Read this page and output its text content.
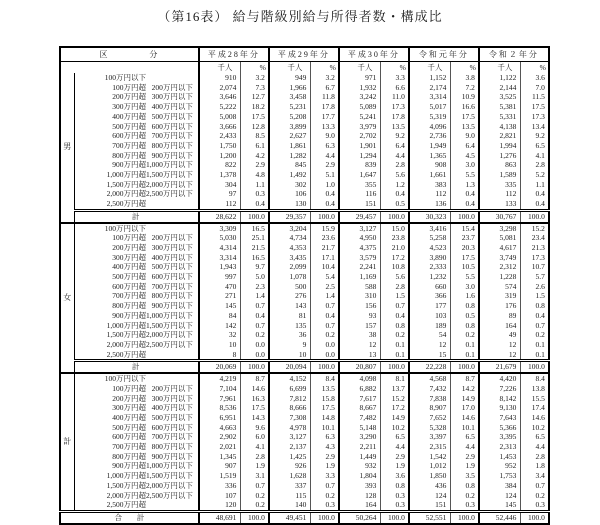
（第16表） 給与階級別給与所得者数・構成比
区　　　　分			平成28年分		平成29年分		平成30年分		令和元年分		令和２年分	
			千人	%	千人	%	千人	%	千人	%	千人	%
男	100万円以下		910	3.2	949	3.2	971	3.3	1,152	3.8	1,122	3.6
	100万円超	200万円以下	2,074	7.3	1,966	6.7	1,932	6.6	2,174	7.2	2,144	7.0
	200万円超	300万円以下	3,646	12.7	3,458	11.8	3,242	11.0	3,314	10.9	3,525	11.5
	300万円超	400万円以下	5,222	18.2	5,231	17.8	5,089	17.3	5,017	16.6	5,381	17.5
	400万円超	500万円以下	5,008	17.5	5,208	17.7	5,241	17.8	5,319	17.5	5,331	17.3
	500万円超	600万円以下	3,666	12.8	3,899	13.3	3,979	13.5	4,096	13.5	4,138	13.4
	600万円超	700万円以下	2,433	8.5	2,627	9.0	2,702	9.2	2,736	9.0	2,821	9.2
	700万円超	800万円以下	1,750	6.1	1,861	6.3	1,901	6.4	1,949	6.4	1,994	6.5
	800万円超	900万円以下	1,200	4.2	1,282	4.4	1,294	4.4	1,365	4.5	1,276	4.1
	900万円超	1,000万円以下	822	2.9	845	2.9	839	2.8	908	3.0	863	2.8
	1,000万円超	1,500万円以下	1,378	4.8	1,492	5.1	1,647	5.6	1,661	5.5	1,589	5.2
	1,500万円超	2,000万円以下	304	1.1	302	1.0	355	1.2	383	1.3	335	1.1
	2,000万円超	2,500万円以下	97	0.3	106	0.4	116	0.4	112	0.4	112	0.4
	2,500万円超		112	0.4	130	0.4	151	0.5	136	0.4	133	0.4
	計		28,622	100.0	29,357	100.0	29,457	100.0	30,323	100.0	30,767	100.0
女	100万円以下		3,309	16.5	3,204	15.9	3,127	15.0	3,416	15.4	3,298	15.2
	100万円超	200万円以下	5,030	25.1	4,734	23.6	4,950	23.8	5,258	23.7	5,081	23.4
	200万円超	300万円以下	4,314	21.5	4,353	21.7	4,375	21.0	4,523	20.3	4,617	21.3
	300万円超	400万円以下	3,314	16.5	3,435	17.1	3,579	17.2	3,890	17.5	3,749	17.3
	400万円超	500万円以下	1,943	9.7	2,099	10.4	2,241	10.8	2,333	10.5	2,312	10.7
	500万円超	600万円以下	997	5.0	1,078	5.4	1,169	5.6	1,232	5.5	1,228	5.7
	600万円超	700万円以下	470	2.3	500	2.5	588	2.8	660	3.0	574	2.6
	700万円超	800万円以下	271	1.4	276	1.4	310	1.5	366	1.6	319	1.5
	800万円超	900万円以下	145	0.7	143	0.7	156	0.7	177	0.8	176	0.8
	900万円超	1,000万円以下	84	0.4	81	0.4	93	0.4	103	0.5	89	0.4
	1,000万円超	1,500万円以下	142	0.7	135	0.7	157	0.8	189	0.8	164	0.7
	1,500万円超	2,000万円以下	32	0.2	36	0.2	38	0.2	54	0.2	49	0.2
	2,000万円超	2,500万円以下	10	0.0	9	0.0	12	0.1	12	0.1	12	0.1
	2,500万円超		8	0.0	10	0.0	13	0.1	15	0.1	12	0.1
	計		20,069	100.0	20,094	100.0	20,807	100.0	22,228	100.0	21,679	100.0
計	100万円以下		4,219	8.7	4,152	8.4	4,098	8.1	4,568	8.7	4,420	8.4
	100万円超	200万円以下	7,104	14.6	6,699	13.5	6,882	13.7	7,432	14.2	7,226	13.8
	200万円超	300万円以下	7,961	16.3	7,812	15.8	7,617	15.2	7,838	14.9	8,142	15.5
	300万円超	400万円以下	8,536	17.5	8,666	17.5	8,667	17.2	8,907	17.0	9,130	17.4
	400万円超	500万円以下	6,951	14.3	7,308	14.8	7,482	14.9	7,652	14.6	7,643	14.6
	500万円超	600万円以下	4,663	9.6	4,978	10.1	5,148	10.2	5,328	10.1	5,366	10.2
	600万円超	700万円以下	2,902	6.0	3,127	6.3	3,290	6.5	3,397	6.5	3,395	6.5
	700万円超	800万円以下	2,021	4.1	2,137	4.3	2,211	4.4	2,315	4.4	2,313	4.4
	800万円超	900万円以下	1,345	2.8	1,425	2.9	1,449	2.9	1,542	2.9	1,453	2.8
	900万円超	1,000万円以下	907	1.9	926	1.9	932	1.9	1,012	1.9	952	1.8
	1,000万円超	1,500万円以下	1,519	3.1	1,628	3.3	1,804	3.6	1,850	3.5	1,753	3.4
	1,500万円超	2,000万円以下	336	0.7	337	0.7	393	0.8	436	0.8	384	0.7
	2,000万円超	2,500万円以下	107	0.2	115	0.2	128	0.3	124	0.2	124	0.2
	2,500万円超		120	0.2	140	0.3	164	0.3	151	0.3	145	0.3
合　　計			48,691	100.0	49,451	100.0	50,264	100.0	52,551	100.0	52,446	100.0
